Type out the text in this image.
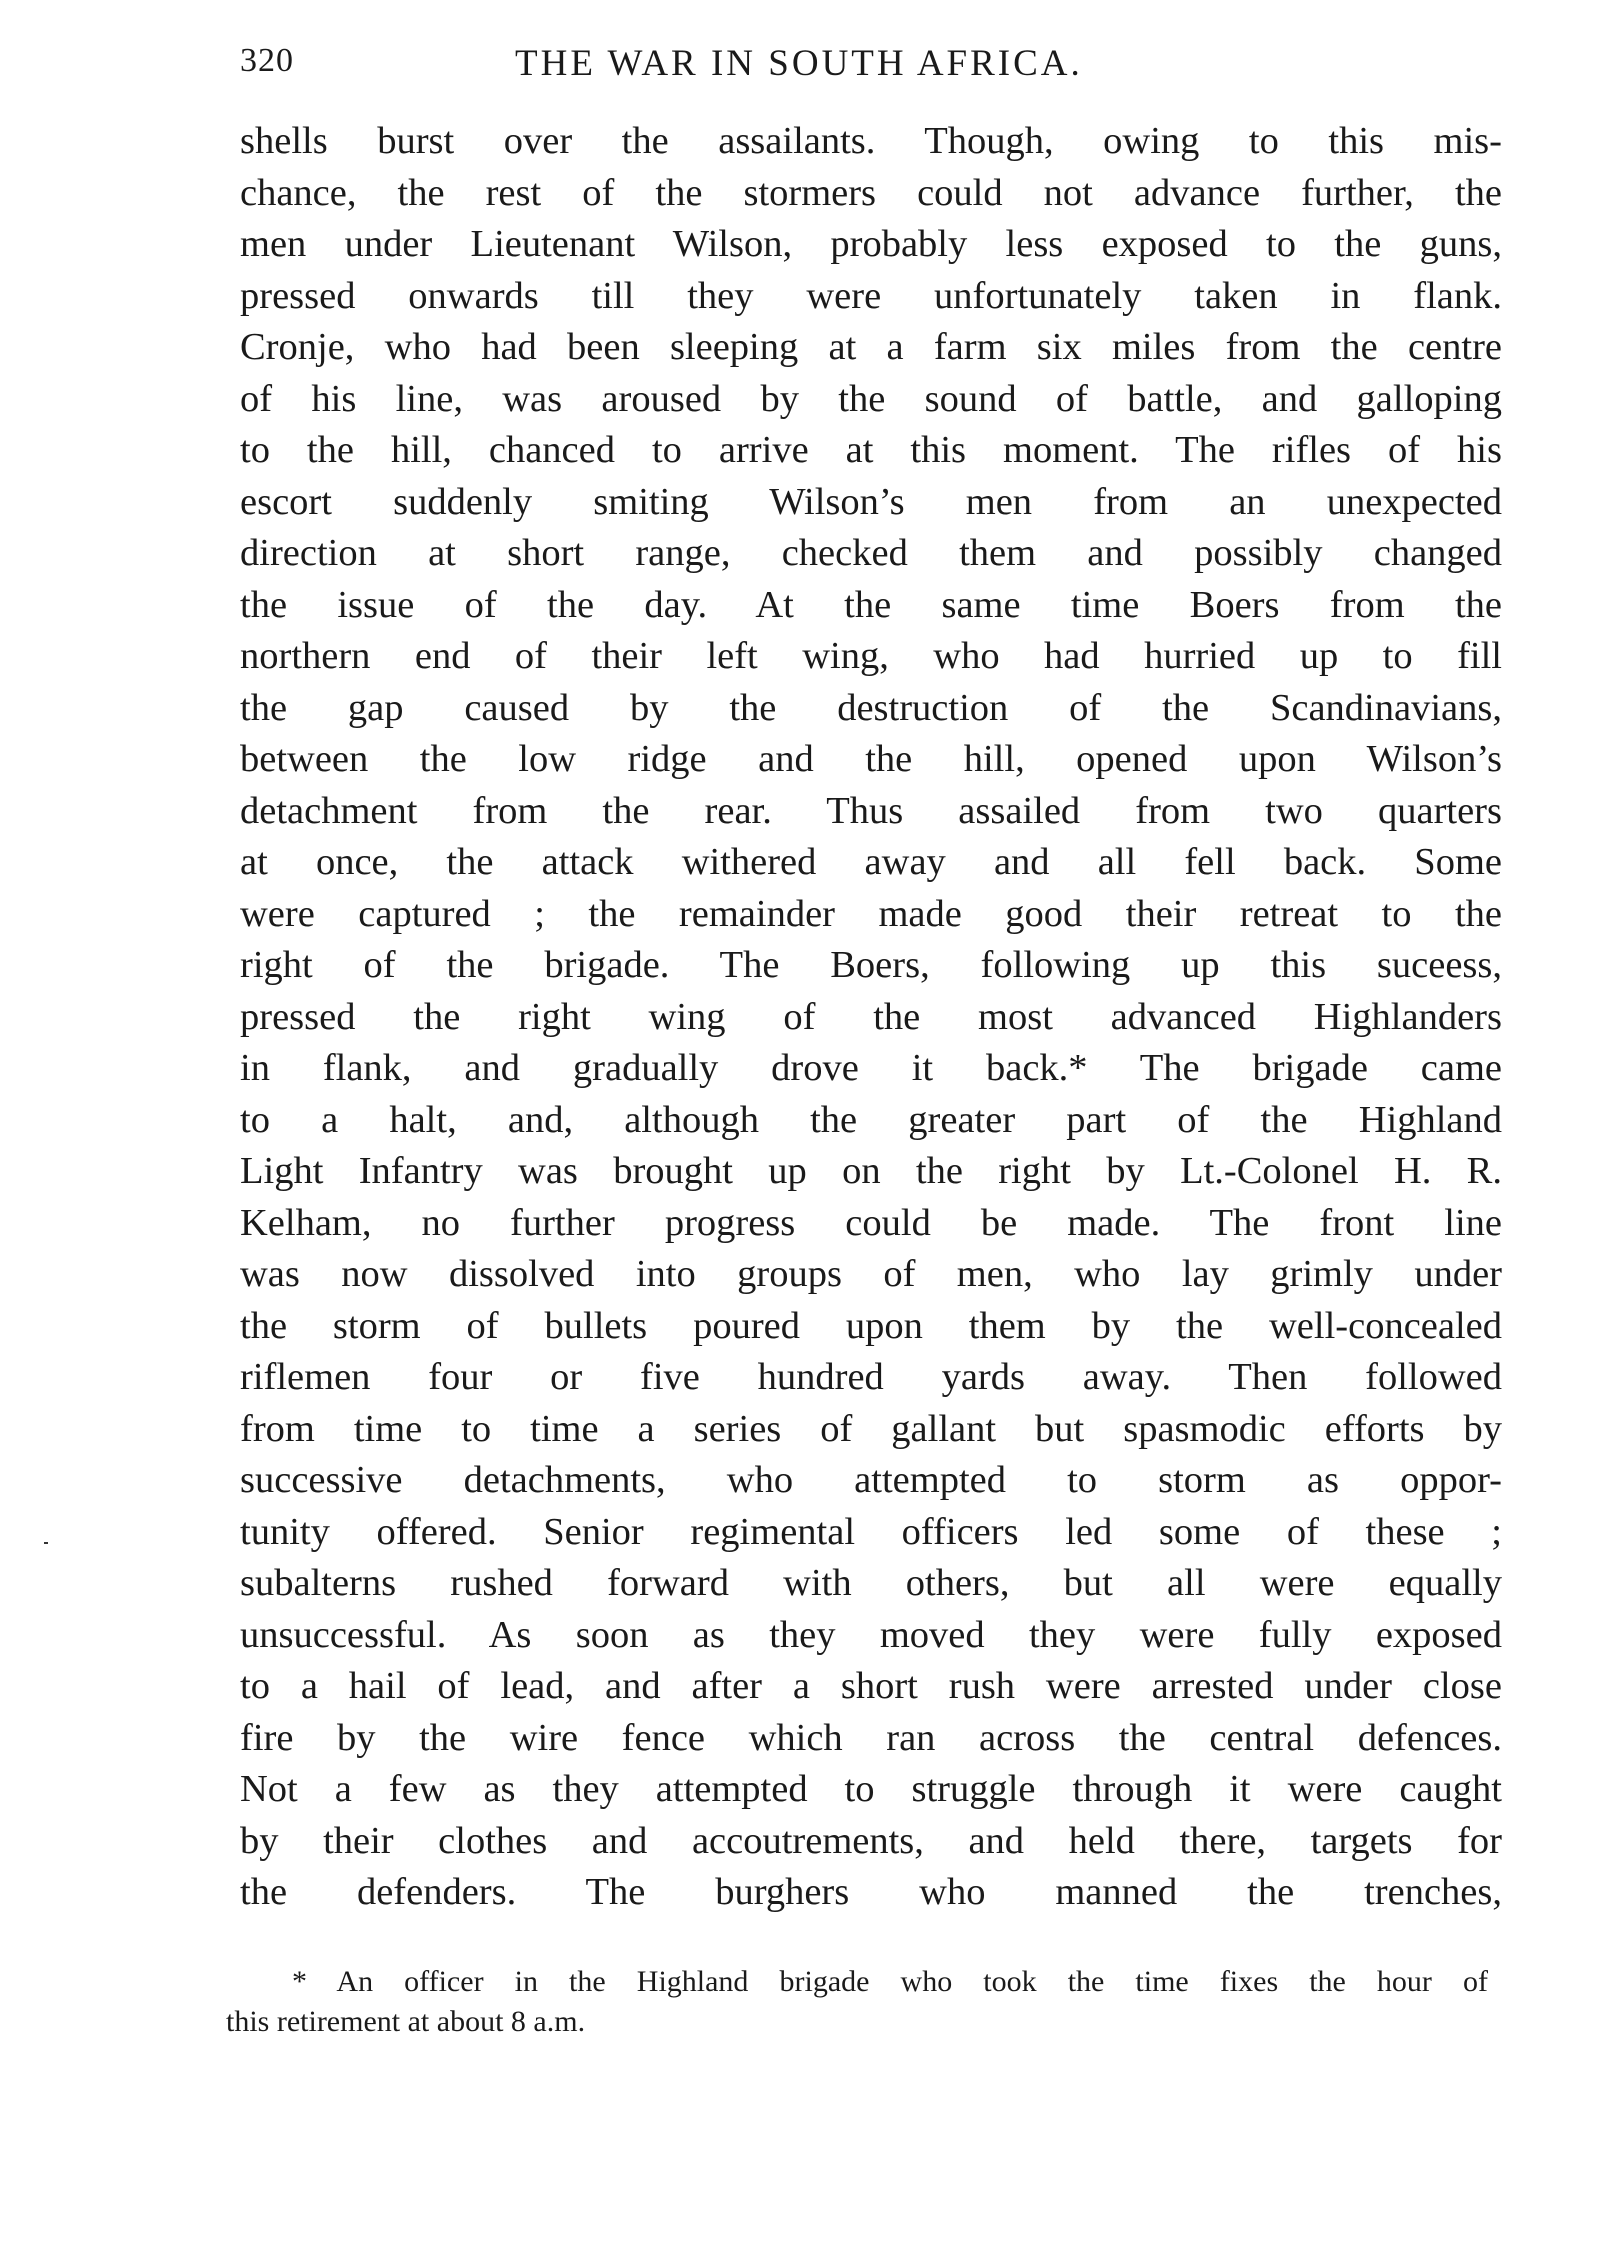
320	THE WAR IN SOUTH AFRICA.
shells burst over the assailants. Though, owing to this mis-
chance, the rest of the stormers could not advance further, the
men under Lieutenant Wilson, probably less exposed to the guns,
pressed onwards till they were unfortunately taken in flank.
Cronje, who had been sleeping at a farm six miles from the centre
of his line, was aroused by the sound of battle, and galloping
to the hill, chanced to arrive at this moment. The rifles of his
escort suddenly smiting Wilson’s men from an unexpected
direction at short range, checked them and possibly changed
the issue of the day. At the same time Boers from the
northern end of their left wing, who had hurried up to fill
the gap caused by the destruction of the Scandinavians,
between the low ridge and the hill, opened upon Wilson’s
detachment from the rear. Thus assailed from two quarters
at once, the attack withered away and all fell back. Some
were captured ; the remainder made good their retreat to the
right of the brigade. The Boers, following up this suceess,
pressed the right wing of the most advanced Highlanders
in flank, and gradually drove it back.* The brigade came
to a halt, and, although the greater part of the Highland
Light Infantry was brought up on the right by Lt.-Colonel H. R.
Kelham, no further progress could be made. The front line
was now dissolved into groups of men, who lay grimly under
the storm of bullets poured upon them by the well-concealed
riflemen four or five hundred yards away. Then followed
from time to time a series of gallant but spasmodic efforts by
successive detachments, who attempted to storm as oppor-
tunity offered. Senior regimental officers led some of these ;
subalterns rushed forward with others, but all were equally
unsuccessful. As soon as they moved they were fully exposed
to a hail of lead, and after a short rush were arrested under close
fire by the wire fence which ran across the central defences.
Not a few as they attempted to struggle through it were caught
by their clothes and accoutrements, and held there, targets for
the defenders. The burghers who manned the trenches,
* An officer in the Highland brigade who took the time fixes the hour of
this retirement at about 8 a.m.
